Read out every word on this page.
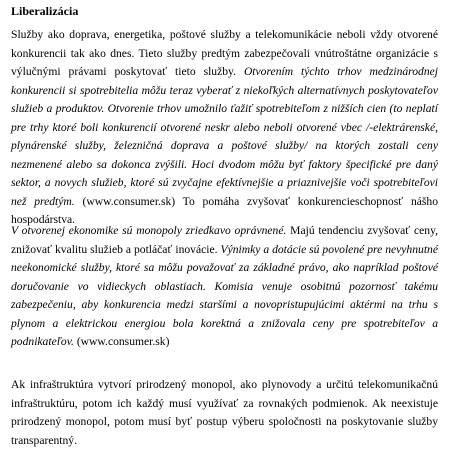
Liberalizácia

Služby ako doprava, energetika, poštové služby a telekomunikácie neboli vždy otvorené konkurencii tak ako dnes. Tieto služby predtým zabezpečovali vnútroštátne organizácie s výlučnými právami poskytovať tieto služby. Otvorením týchto trhov medzinárodnej konkurencii si spotrebitelia môžu teraz vyberať z niekoľkých alternatívnych poskytovateľov služieb a produktov. Otvorenie trhov umožnilo ťažiť spotrebiteľom z nižších cien (to neplatí pre trhy ktoré boli konkurencií otvorené neskr alebo neboli otvorené vbec /-elektrárenské, plynárenské služby, železničná doprava a poštové služby/ na ktorých zostali ceny nezmenené alebo sa dokonca zvýšili. Hoci dvodom môžu byť faktory špecifické pre daný sektor, a novych služieb, ktoré sú zvyčajne efektívnejšie a priaznivejšie voči spotrebiteľovi než predtým. (www.consumer.sk) To pomáha zvyšovať konkurencieschopnosť nášho hospodárstva.

V otvorenej ekonomike sú monopoly zriedkavo oprávnené. Majú tendenciu zvyšovať ceny, znižovať kvalitu služieb a potláčať inovácie. Výnimky a dotácie sú povolené pre nevyhnutné neekonomické služby, ktoré sa môžu považovať za základné právo, ako napríklad poštové doručovanie vo vidieckych oblastiach. Komisia venuje osobitnú pozornosť takému zabezpečeniu, aby konkurencia medzi staršími a novopristupujúcimi aktérmi na trhu s plynom a elektrickou energiou bola korektná a znižovala ceny pre spotrebiteľov a podnikateľov. (www.consumer.sk)

Ak infraštruktúra vytvorí prirodzený monopol, ako plynovody a určitú telekomunikačnú infraštruktúru, potom ich každý musí využívať za rovnakých podmienok. Ak neexistuje prirodzený monopol, potom musí byť postup výberu spoločnosti na poskytovanie služby transparentný.
